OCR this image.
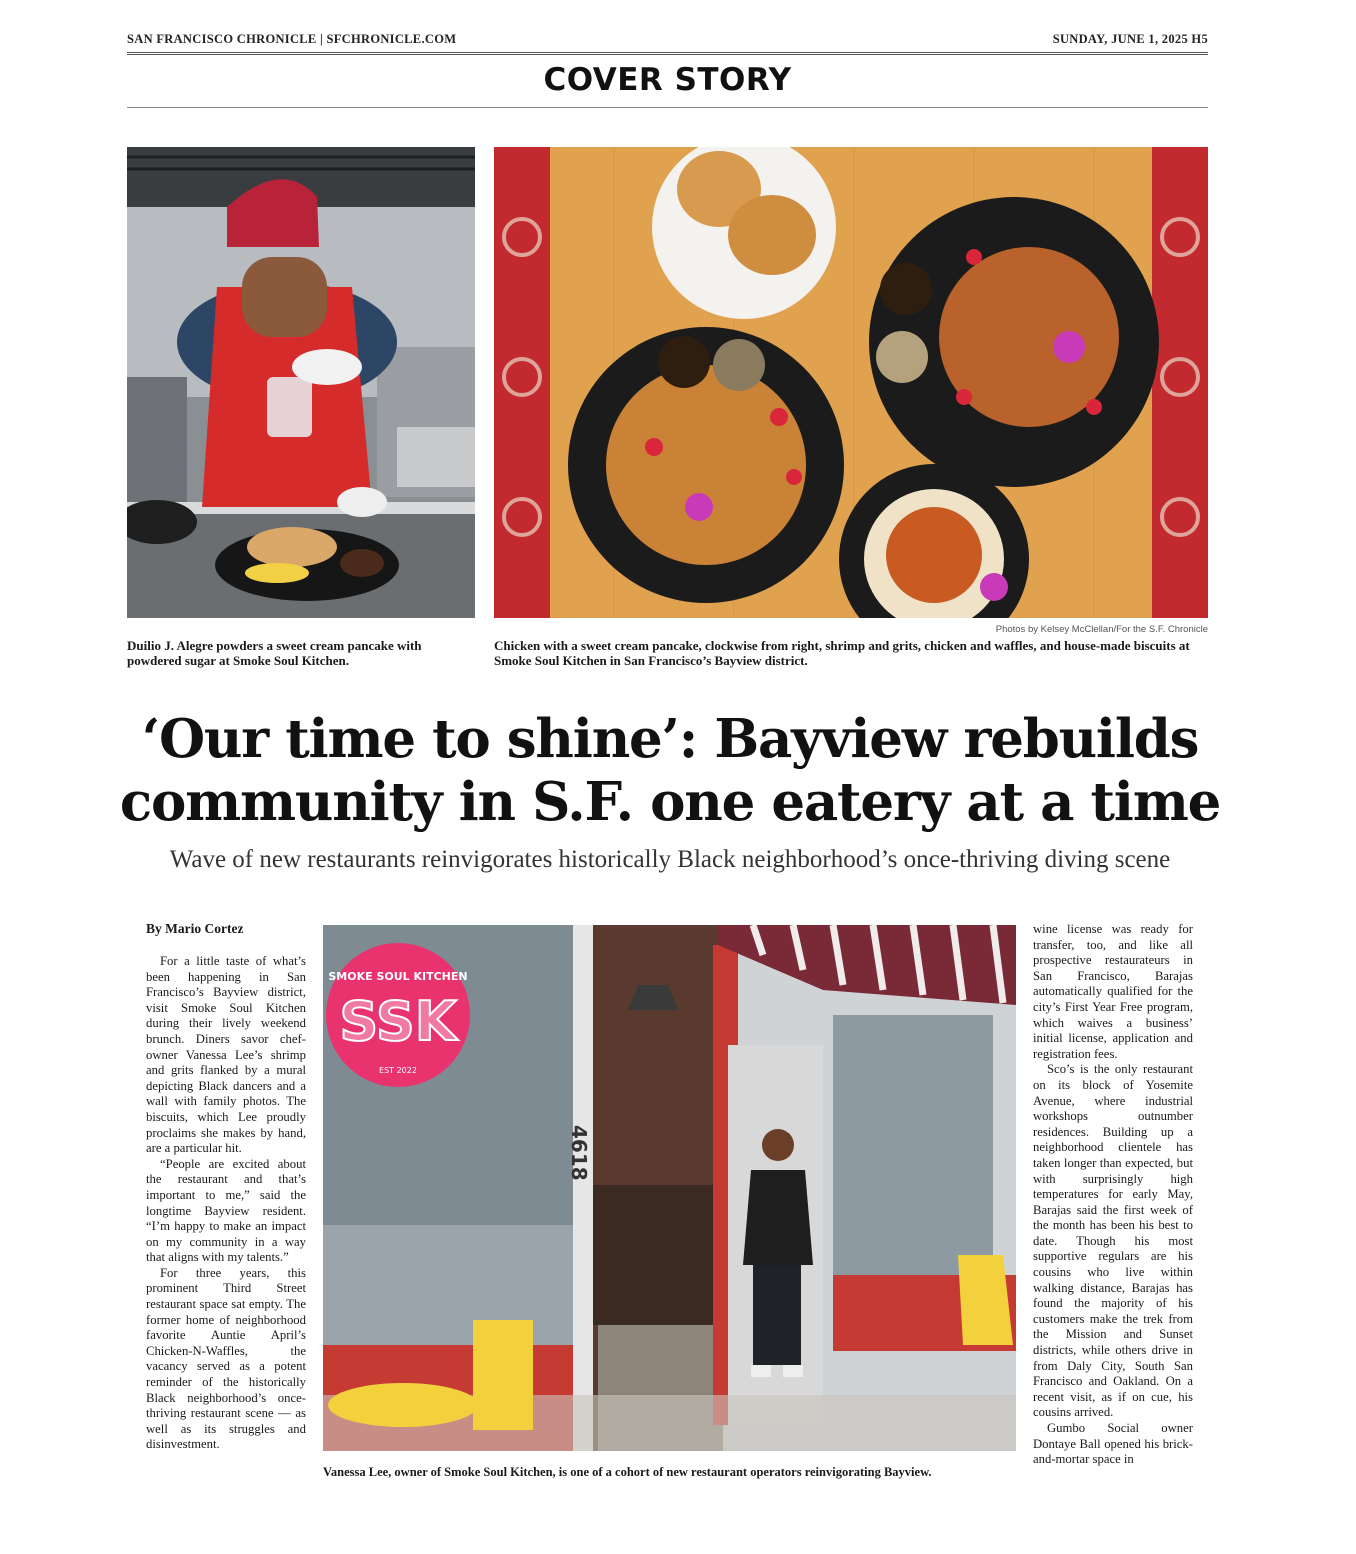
SAN FRANCISCO CHRONICLE | SFCHRONICLE.COM	SUNDAY, JUNE 1, 2025 H5
COVER STORY
Photos by Kelsey McClellan/For the S.F. Chronicle
Duilio J. Alegre powders a sweet cream pancake with powdered sugar at Smoke Soul Kitchen.
Chicken with a sweet cream pancake, clockwise from right, shrimp and grits, chicken and waffles, and house-made biscuits at Smoke Soul Kitchen in San Francisco’s Bayview district.
‘Our time to shine’: Bayview rebuilds
community in S.F. one eatery at a time
Wave of new restaurants reinvigorates historically Black neighborhood’s once-thriving diving scene
By Mario Cortez

For a little taste of what’s been happening in San Francisco’s Bayview district, visit Smoke Soul Kitchen during their lively weekend brunch. Diners savor chef-owner Vanessa Lee’s shrimp and grits flanked by a mural depicting Black dancers and a wall with family photos. The biscuits, which Lee proudly proclaims she makes by hand, are a particular hit.

“People are excited about the restaurant and that’s important to me,” said the longtime Bayview resident. “I’m happy to make an impact on my community in a way that aligns with my talents.”

For three years, this prominent Third Street restaurant space sat empty. The former home of neighborhood favorite Auntie April’s Chicken-N-Waffles, the vacancy served as a potent reminder of the historically Black neighborhood’s once-thriving restaurant scene — as well as its struggles and disinvestment.

SMOKE SOUL KITCHEN
SSK
EST 2022
4618
Vanessa Lee, owner of Smoke Soul Kitchen, is one of a cohort of new restaurant operators reinvigorating Bayview.

wine license was ready for transfer, too, and like all prospective restaurateurs in San Francisco, Barajas automatically qualified for the city’s First Year Free program, which waives a business’ initial license, application and registration fees.

Sco’s is the only restaurant on its block of Yosemite Avenue, where industrial workshops outnumber residences. Building up a neighborhood clientele has taken longer than expected, but with surprisingly high temperatures for early May, Barajas said the first week of the month has been his best to date. Though his most supportive regulars are his cousins who live within walking distance, Barajas has found the majority of his customers make the trek from the Mission and Sunset districts, while others drive in from Daly City, South San Francisco and Oakland. On a recent visit, as if on cue, his cousins arrived.

Gumbo Social owner Dontaye Ball opened his brick-and-mortar space in
